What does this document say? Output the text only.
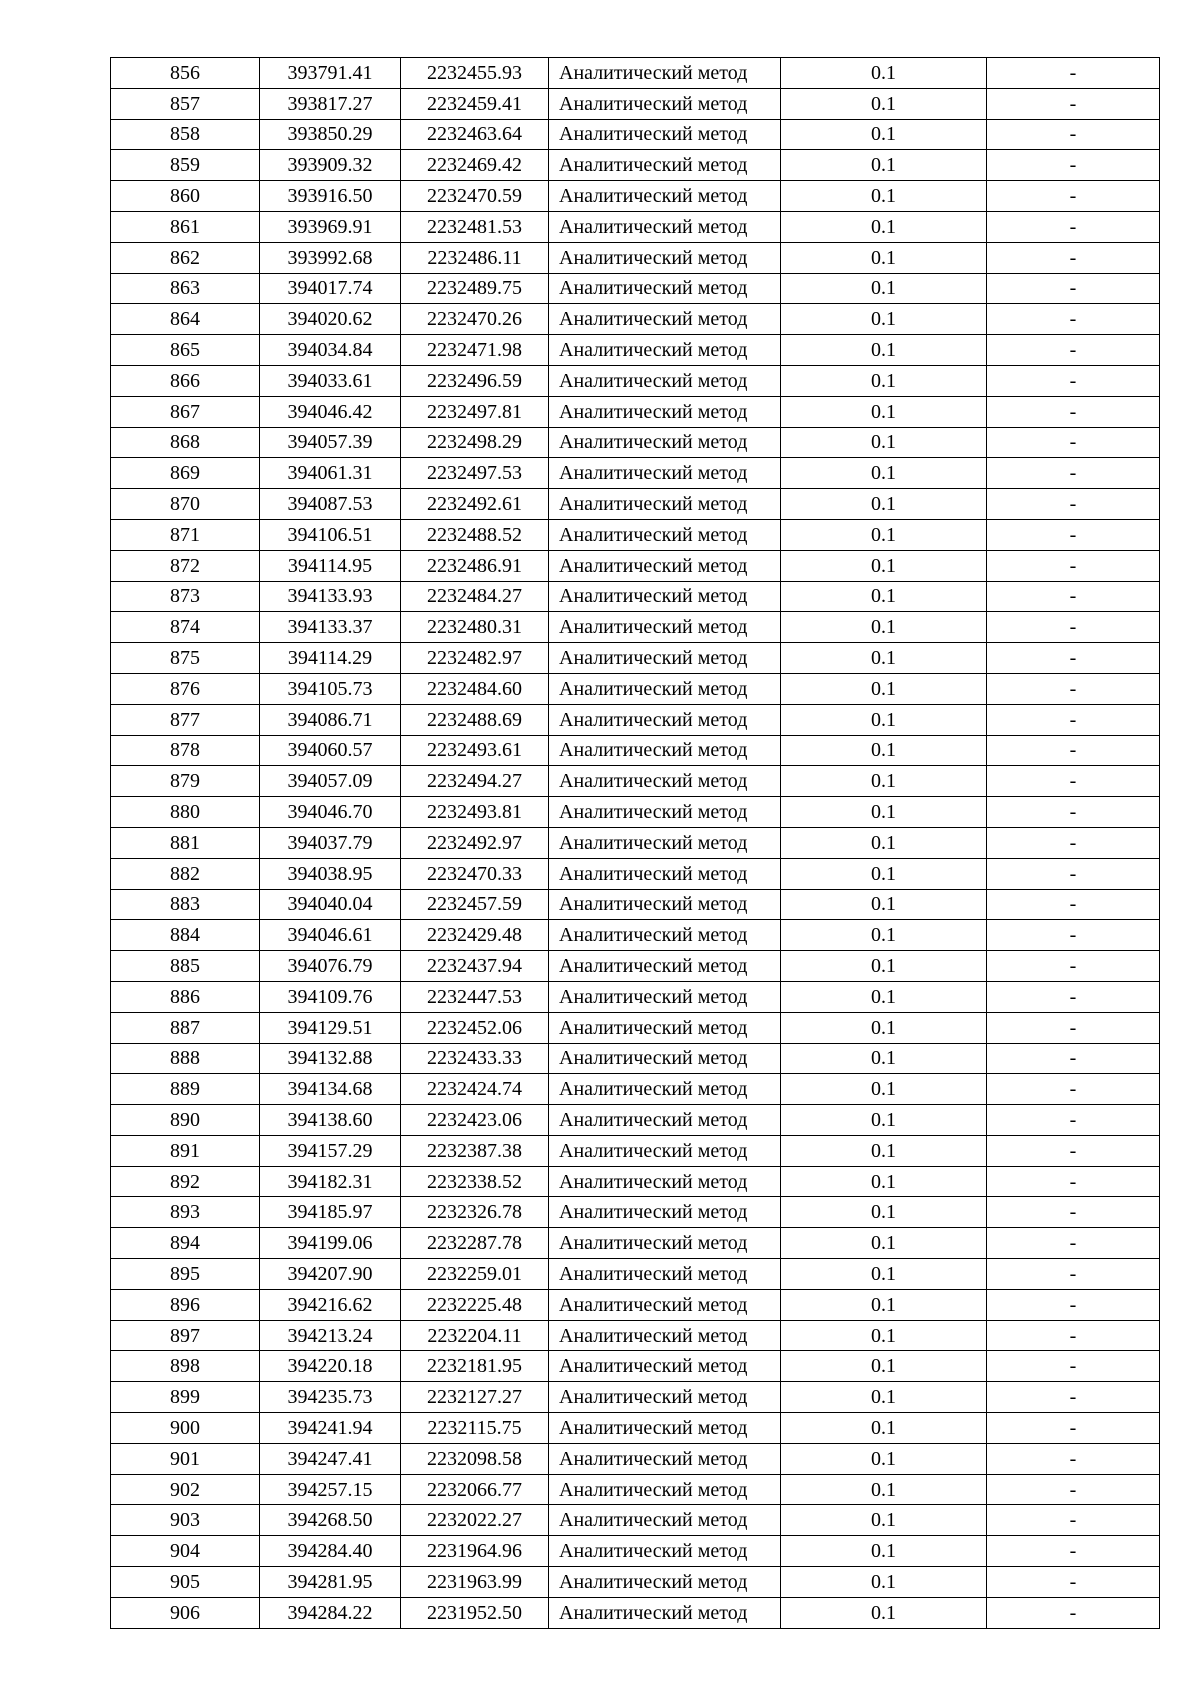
856	393791.41	2232455.93	Аналитический метод	0.1	-
857	393817.27	2232459.41	Аналитический метод	0.1	-
858	393850.29	2232463.64	Аналитический метод	0.1	-
859	393909.32	2232469.42	Аналитический метод	0.1	-
860	393916.50	2232470.59	Аналитический метод	0.1	-
861	393969.91	2232481.53	Аналитический метод	0.1	-
862	393992.68	2232486.11	Аналитический метод	0.1	-
863	394017.74	2232489.75	Аналитический метод	0.1	-
864	394020.62	2232470.26	Аналитический метод	0.1	-
865	394034.84	2232471.98	Аналитический метод	0.1	-
866	394033.61	2232496.59	Аналитический метод	0.1	-
867	394046.42	2232497.81	Аналитический метод	0.1	-
868	394057.39	2232498.29	Аналитический метод	0.1	-
869	394061.31	2232497.53	Аналитический метод	0.1	-
870	394087.53	2232492.61	Аналитический метод	0.1	-
871	394106.51	2232488.52	Аналитический метод	0.1	-
872	394114.95	2232486.91	Аналитический метод	0.1	-
873	394133.93	2232484.27	Аналитический метод	0.1	-
874	394133.37	2232480.31	Аналитический метод	0.1	-
875	394114.29	2232482.97	Аналитический метод	0.1	-
876	394105.73	2232484.60	Аналитический метод	0.1	-
877	394086.71	2232488.69	Аналитический метод	0.1	-
878	394060.57	2232493.61	Аналитический метод	0.1	-
879	394057.09	2232494.27	Аналитический метод	0.1	-
880	394046.70	2232493.81	Аналитический метод	0.1	-
881	394037.79	2232492.97	Аналитический метод	0.1	-
882	394038.95	2232470.33	Аналитический метод	0.1	-
883	394040.04	2232457.59	Аналитический метод	0.1	-
884	394046.61	2232429.48	Аналитический метод	0.1	-
885	394076.79	2232437.94	Аналитический метод	0.1	-
886	394109.76	2232447.53	Аналитический метод	0.1	-
887	394129.51	2232452.06	Аналитический метод	0.1	-
888	394132.88	2232433.33	Аналитический метод	0.1	-
889	394134.68	2232424.74	Аналитический метод	0.1	-
890	394138.60	2232423.06	Аналитический метод	0.1	-
891	394157.29	2232387.38	Аналитический метод	0.1	-
892	394182.31	2232338.52	Аналитический метод	0.1	-
893	394185.97	2232326.78	Аналитический метод	0.1	-
894	394199.06	2232287.78	Аналитический метод	0.1	-
895	394207.90	2232259.01	Аналитический метод	0.1	-
896	394216.62	2232225.48	Аналитический метод	0.1	-
897	394213.24	2232204.11	Аналитический метод	0.1	-
898	394220.18	2232181.95	Аналитический метод	0.1	-
899	394235.73	2232127.27	Аналитический метод	0.1	-
900	394241.94	2232115.75	Аналитический метод	0.1	-
901	394247.41	2232098.58	Аналитический метод	0.1	-
902	394257.15	2232066.77	Аналитический метод	0.1	-
903	394268.50	2232022.27	Аналитический метод	0.1	-
904	394284.40	2231964.96	Аналитический метод	0.1	-
905	394281.95	2231963.99	Аналитический метод	0.1	-
906	394284.22	2231952.50	Аналитический метод	0.1	-
